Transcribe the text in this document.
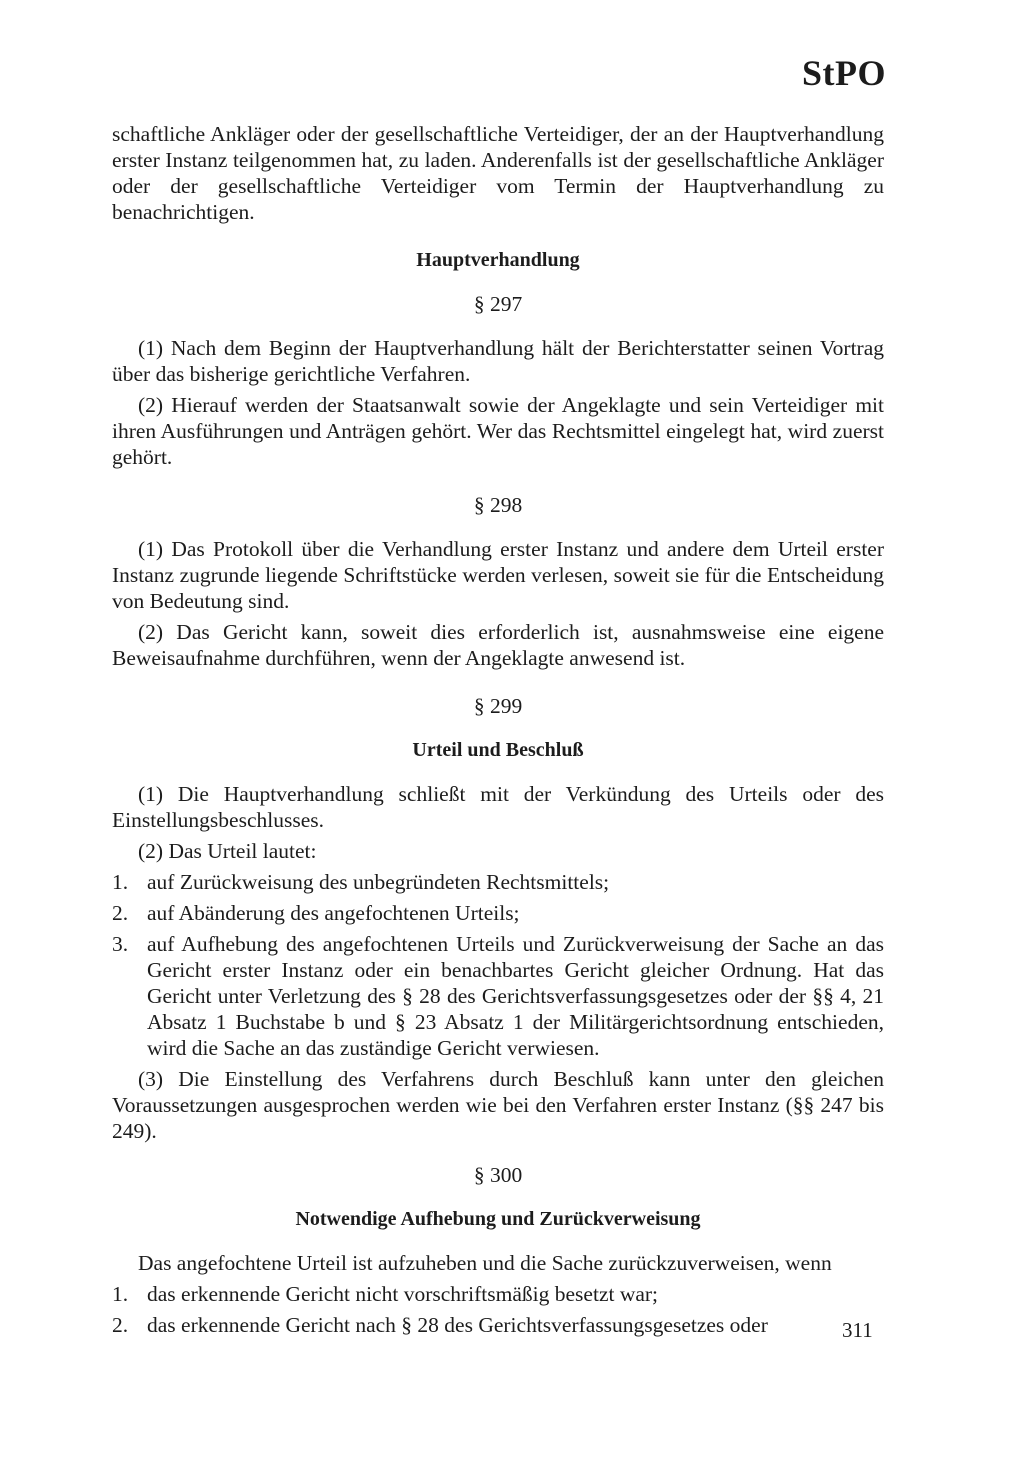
StPO

schaftliche Ankläger oder der gesellschaftliche Verteidiger, der an der Hauptverhandlung erster Instanz teilgenommen hat, zu laden. Anderenfalls ist der gesellschaftliche Ankläger oder der gesellschaftliche Verteidiger vom Termin der Hauptverhandlung zu benachrichtigen.

Hauptverhandlung
§ 297

(1) Nach dem Beginn der Hauptverhandlung hält der Berichterstatter seinen Vortrag über das bisherige gerichtliche Verfahren.

(2) Hierauf werden der Staatsanwalt sowie der Angeklagte und sein Verteidiger mit ihren Ausführungen und Anträgen gehört. Wer das Rechtsmittel eingelegt hat, wird zuerst gehört.

§ 298

(1) Das Protokoll über die Verhandlung erster Instanz und andere dem Urteil erster Instanz zugrunde liegende Schriftstücke werden verlesen, soweit sie für die Entscheidung von Bedeutung sind.

(2) Das Gericht kann, soweit dies erforderlich ist, ausnahmsweise eine eigene Beweisaufnahme durchführen, wenn der Angeklagte anwesend ist.

§ 299
Urteil und Beschluß

(1) Die Hauptverhandlung schließt mit der Verkündung des Urteils oder des Einstellungsbeschlusses.

(2) Das Urteil lautet:

1. auf Zurückweisung des unbegründeten Rechtsmittels;
2. auf Abänderung des angefochtenen Urteils;
3. auf Aufhebung des angefochtenen Urteils und Zurückverweisung der Sache an das Gericht erster Instanz oder ein benachbartes Gericht gleicher Ordnung. Hat das Gericht unter Verletzung des § 28 des Gerichtsverfassungsgesetzes oder der §§ 4, 21 Absatz 1 Buchstabe b und § 23 Absatz 1 der Militärgerichtsordnung entschieden, wird die Sache an das zuständige Gericht verwiesen.

(3) Die Einstellung des Verfahrens durch Beschluß kann unter den gleichen Voraussetzungen ausgesprochen werden wie bei den Verfahren erster Instanz (§§ 247 bis 249).

§ 300
Notwendige Aufhebung und Zurückverweisung

Das angefochtene Urteil ist aufzuheben und die Sache zurückzuverweisen, wenn

1. das erkennende Gericht nicht vorschriftsmäßig besetzt war;
2. das erkennende Gericht nach § 28 des Gerichtsverfassungsgesetzes oder	311
